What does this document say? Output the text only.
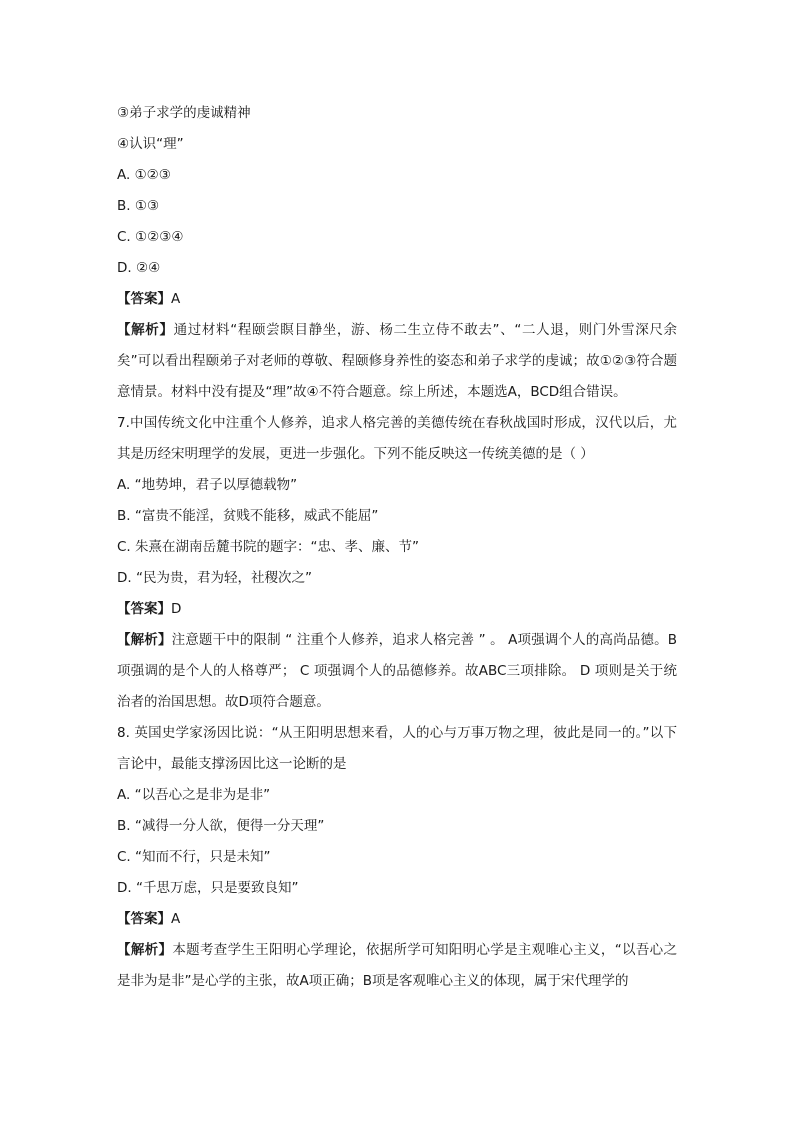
③弟子求学的虔诚精神
④认识“理”
A. ①②③
B. ①③
C. ①②③④
D. ②④
【答案】A
【解析】通过材料“程颐尝瞑目静坐，游、杨二生立侍不敢去”、“二人退，则门外雪深尺余矣”可以看出程颐弟子对老师的尊敬、程颐修身养性的姿态和弟子求学的虔诚；故①②③符合题意情景。材料中没有提及“理”故④不符合题意。综上所述，本题选A，BCD组合错误。
7.中国传统文化中注重个人修养，追求人格完善的美德传统在春秋战国时形成，汉代以后，尤其是历经宋明理学的发展，更进一步强化。下列不能反映这一传统美德的是（ ）
A. “地势坤，君子以厚德载物”
B. “富贵不能淫，贫贱不能移，威武不能屈”
C. 朱熹在湖南岳麓书院的题字：“忠、孝、廉、节”
D. “民为贵，君为轻，社稷次之”
【答案】D
【解析】注意题干中的限制 “ 注重个人修养，追求人格完善 ” 。 A项强调个人的高尚品德。B 项强调的是个人的人格尊严； C 项强调个人的品德修养。故ABC三项排除。 D 项则是关于统治者的治国思想。故D项符合题意。
8. 英国史学家汤因比说：“从王阳明思想来看，人的心与万事万物之理，彼此是同一的。”以下言论中，最能支撑汤因比这一论断的是
A. “以吾心之是非为是非”
B. “减得一分人欲，便得一分天理”
C. “知而不行，只是未知”
D. “千思万虑，只是要致良知”
【答案】A
【解析】本题考查学生王阳明心学理论，依据所学可知阳明心学是主观唯心主义，“以吾心之是非为是非”是心学的主张，故A项正确；B项是客观唯心主义的体现，属于宋代理学的
